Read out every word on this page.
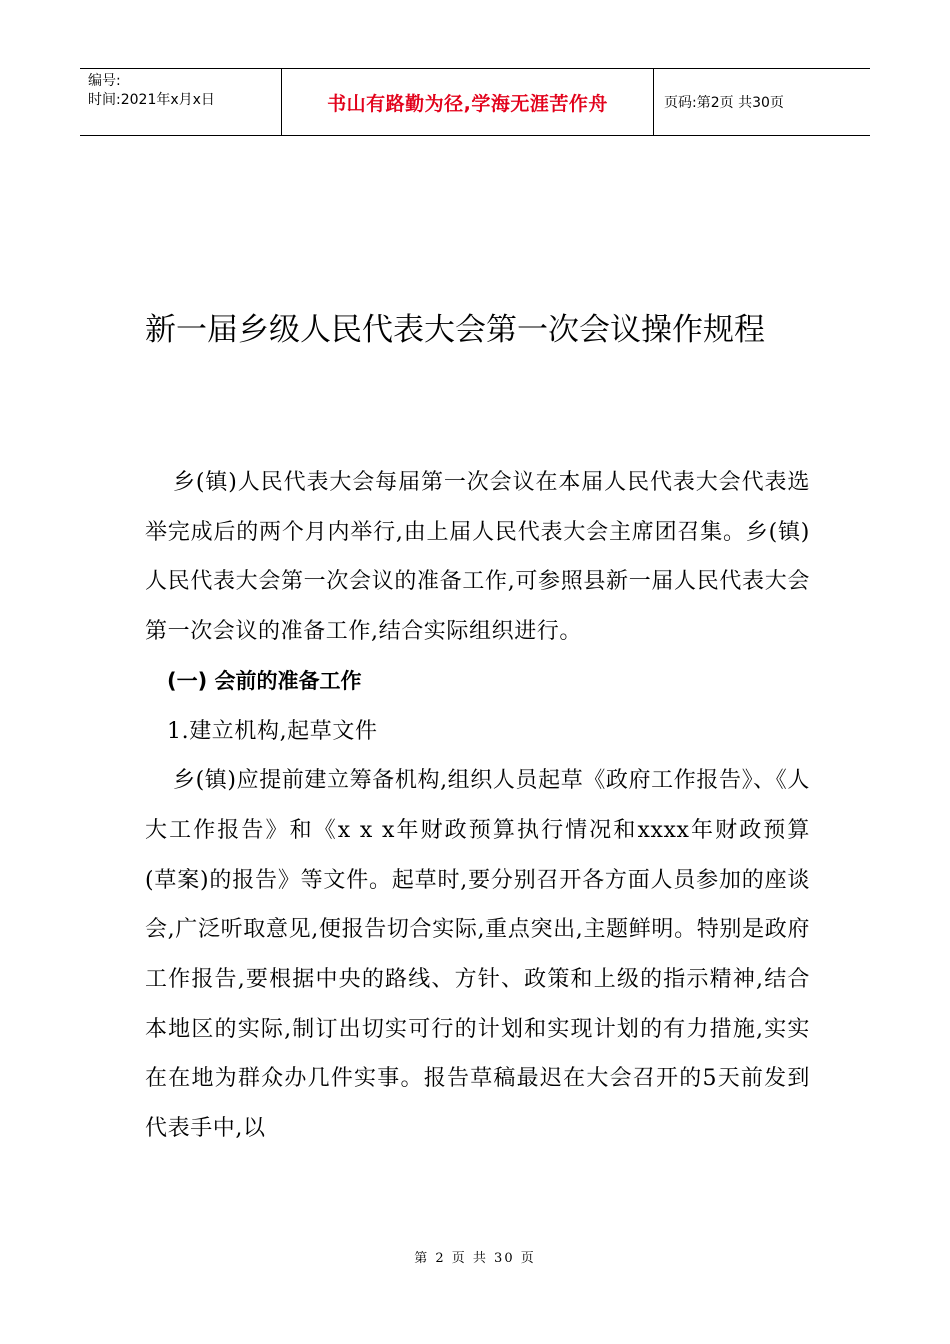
编号:
时间:2021年x月x日	书山有路勤为径,学海无涯苦作舟	页码:第2页 共30页
新一届乡级人民代表大会第一次会议操作规程

乡(镇)人民代表大会每届第一次会议在本届人民代表大会代表选举完成后的两个月内举行,由上届人民代表大会主席团召集。乡(镇)人民代表大会第一次会议的准备工作,可参照县新一届人民代表大会第一次会议的准备工作,结合实际组织进行。

(一) 会前的准备工作

1.建立机构,起草文件

乡(镇)应提前建立筹备机构,组织人员起草《政府工作报告》、《人大工作报告》和《x x x年财政预算执行情况和xxxx年财政预算 (草案)的报告》等文件。起草时,要分别召开各方面人员参加的座谈会,广泛听取意见,便报告切合实际,重点突出,主题鲜明。特别是政府工作报告,要根据中央的路线、方针、政策和上级的指示精神,结合本地区的实际,制订出切实可行的计划和实现计划的有力措施,实实在在地为群众办几件实事。报告草稿最迟在大会召开的5天前发到代表手中,以

第 2 页 共 30 页
